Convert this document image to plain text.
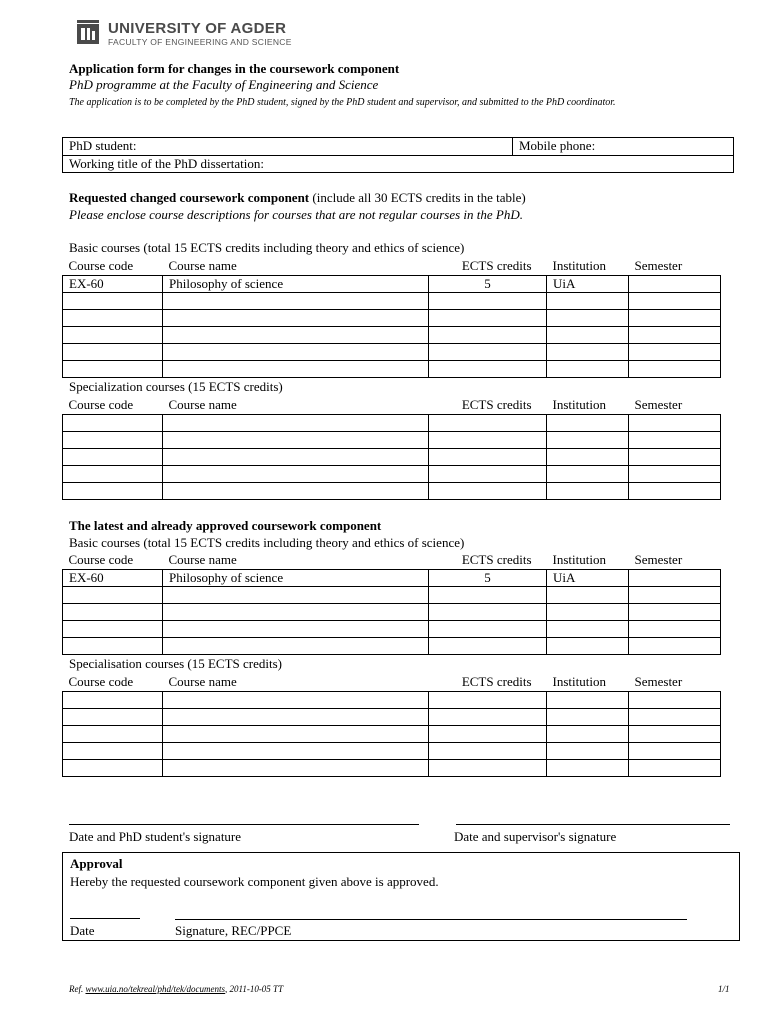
UNIVERSITY OF AGDER
FACULTY OF ENGINEERING AND SCIENCE
Application form for changes in the coursework component
PhD programme at the Faculty of Engineering and Science
The application is to be completed by the PhD student, signed by the PhD student and supervisor, and submitted to the PhD coordinator.
PhD student:	Mobile phone:
Working title of the PhD dissertation:
Requested changed coursework component (include all 30 ECTS credits in the table)
Please enclose course descriptions for courses that are not regular courses in the PhD.
Basic courses (total 15 ECTS credits including theory and ethics of science)
Course code	Course name	ECTS credits	Institution	Semester
EX-60	Philosophy of science	5	UiA	

Specialization courses (15 ECTS credits)
Course code	Course name	ECTS credits	Institution	Semester

The latest and already approved coursework component
Basic courses (total 15 ECTS credits including theory and ethics of science)
Course code	Course name	ECTS credits	Institution	Semester
EX-60	Philosophy of science	5	UiA	

Specialisation courses (15 ECTS credits)
Course code	Course name	ECTS credits	Institution	Semester

Date and PhD student's signature	Date and supervisor's signature
Approval
Hereby the requested coursework component given above is approved.
Date	Signature, REC/PPCE
Ref. www.uia.no/tekreal/phd/tek/documents, 2011-10-05 TT	1/1
